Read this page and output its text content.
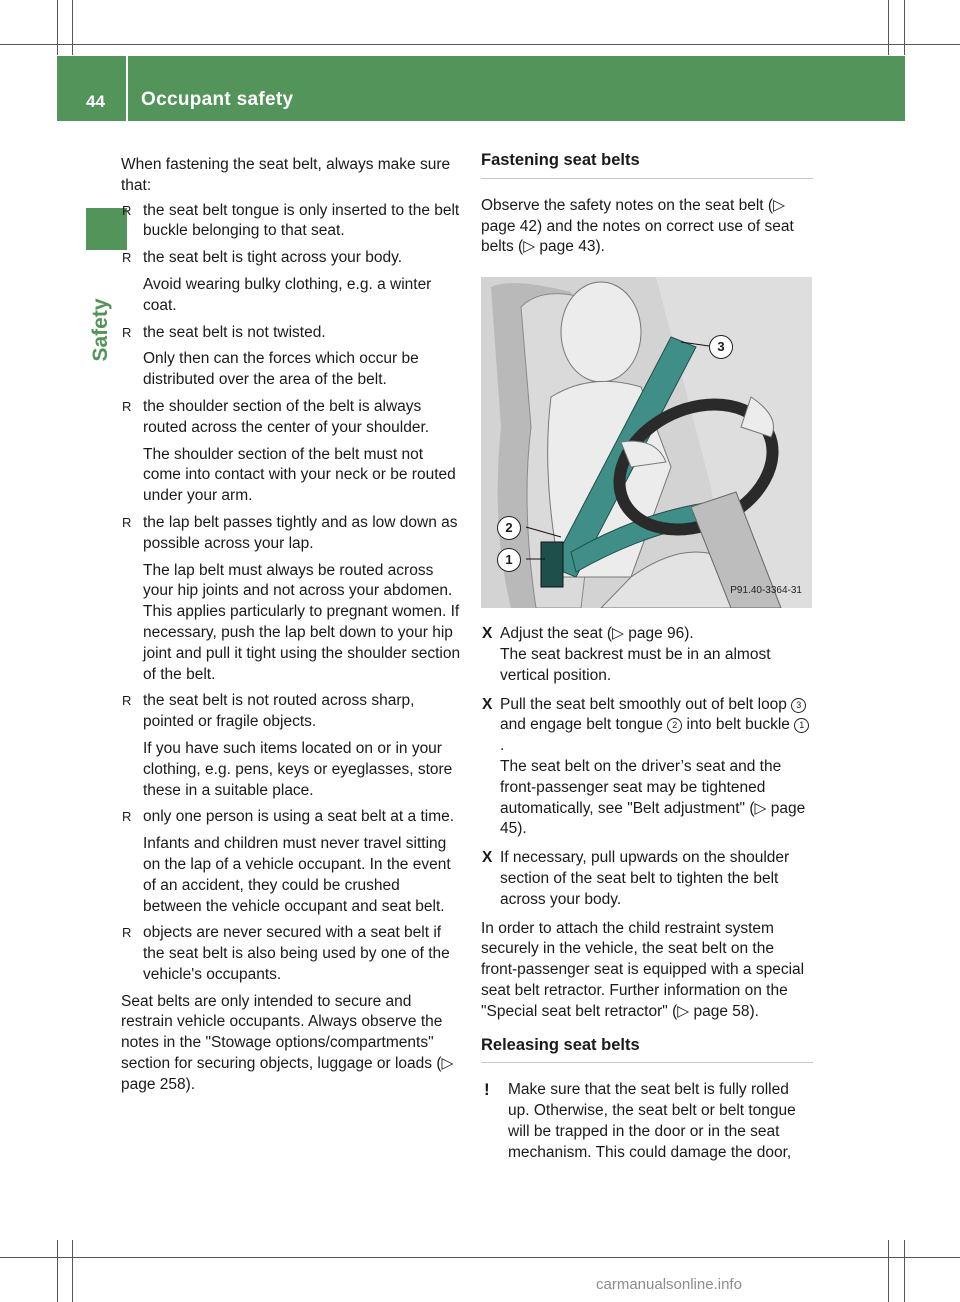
44 Occupant safety
Safety

When fastening the seat belt, always make sure that:

R the seat belt tongue is only inserted to the belt buckle belonging to that seat.
R the seat belt is tight across your body.
Avoid wearing bulky clothing, e.g. a winter coat.
R the seat belt is not twisted.
Only then can the forces which occur be distributed over the area of the belt.
R the shoulder section of the belt is always routed across the center of your shoulder.
The shoulder section of the belt must not come into contact with your neck or be routed under your arm.
R the lap belt passes tightly and as low down as possible across your lap.
The lap belt must always be routed across your hip joints and not across your abdomen. This applies particularly to pregnant women. If necessary, push the lap belt down to your hip joint and pull it tight using the shoulder section of the belt.
R the seat belt is not routed across sharp, pointed or fragile objects.
If you have such items located on or in your clothing, e.g. pens, keys or eyeglasses, store these in a suitable place.
R only one person is using a seat belt at a time.
Infants and children must never travel sitting on the lap of a vehicle occupant. In the event of an accident, they could be crushed between the vehicle occupant and seat belt.
R objects are never secured with a seat belt if the seat belt is also being used by one of the vehicle's occupants.

Seat belts are only intended to secure and restrain vehicle occupants. Always observe the notes in the "Stowage options/compartments" section for securing objects, luggage or loads (▷ page 258).

Fastening seat belts

Observe the safety notes on the seat belt (▷ page 42) and the notes on correct use of seat belts (▷ page 43).

3
2
1
P91.40-3364-31
X Adjust the seat (▷ page 96).
The seat backrest must be in an almost vertical position.
X Pull the seat belt smoothly out of belt loop 3 and engage belt tongue 2 into belt buckle 1.
The seat belt on the driver’s seat and the front-passenger seat may be tightened automatically, see "Belt adjustment" (▷ page 45).
X If necessary, pull upwards on the shoulder section of the seat belt to tighten the belt across your body.

In order to attach the child restraint system securely in the vehicle, the seat belt on the front-passenger seat is equipped with a special seat belt retractor. Further information on the "Special seat belt retractor" (▷ page 58).

Releasing seat belts
! Make sure that the seat belt is fully rolled up. Otherwise, the seat belt or belt tongue will be trapped in the door or in the seat mechanism. This could damage the door,
carmanualsonline.info
